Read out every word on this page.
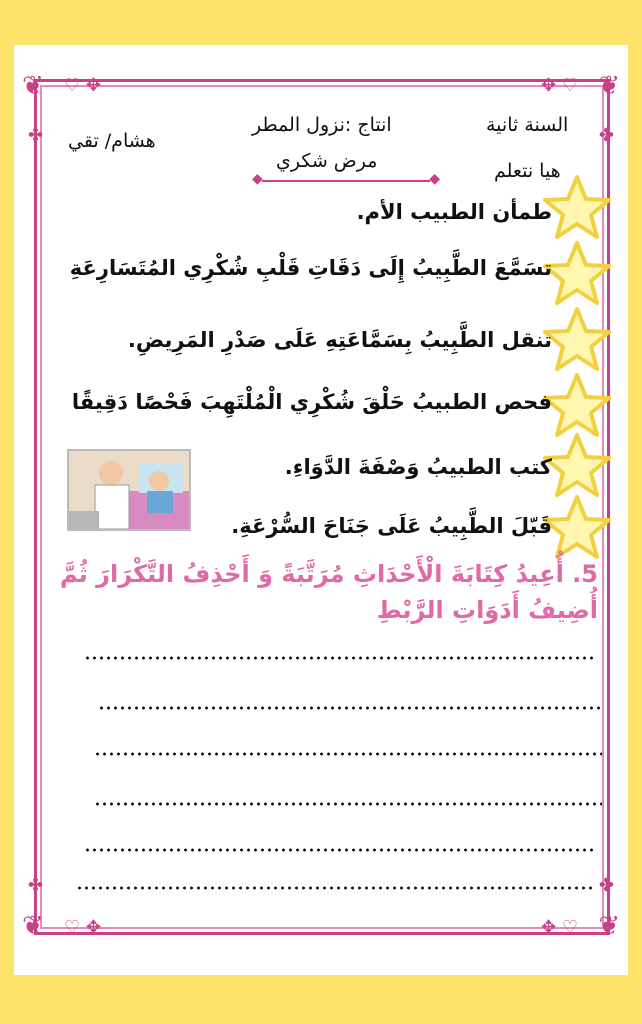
❦	❦
❦	❦
♡ ✥	✥ ♡
♡ ✥	✥ ♡
✤	✤
✤	✤
السنة ثانية
هيا نتعلم
انتاج :نزول المطر
مرض شكري
هشام/ تقي
◆ ◆
طمأن الطبيب الأم.
تسَمَّعَ الطَّبِيبُ إِلَى دَقَاتِ قَلْبِ شُكْرِي المُتَسَارِعَةِ
تنقل الطَّبِيبُ بِسَمَّاعَتِهِ عَلَى صَدْرِ المَرِيضِ.
فحص الطبيبُ حَلْقَ شُكْرِي الْمُلْتَهِبَ فَحْصًا دَقِيقًا
كتب الطبيبُ وَصْفَةَ الدَّوَاءِ.
قَبّلَ الطَّبِيبُ عَلَى جَنَاحَ السُّرْعَةِ.
5. أُعِيدُ كِتَابَةَ الْأَحْدَاثِ مُرَتَّبَةً وَ أَحْذِفُ التَّكْرَارَ ثُمَّ
أُضِيفُ أَدَوَاتِ الرَّبْطِ
